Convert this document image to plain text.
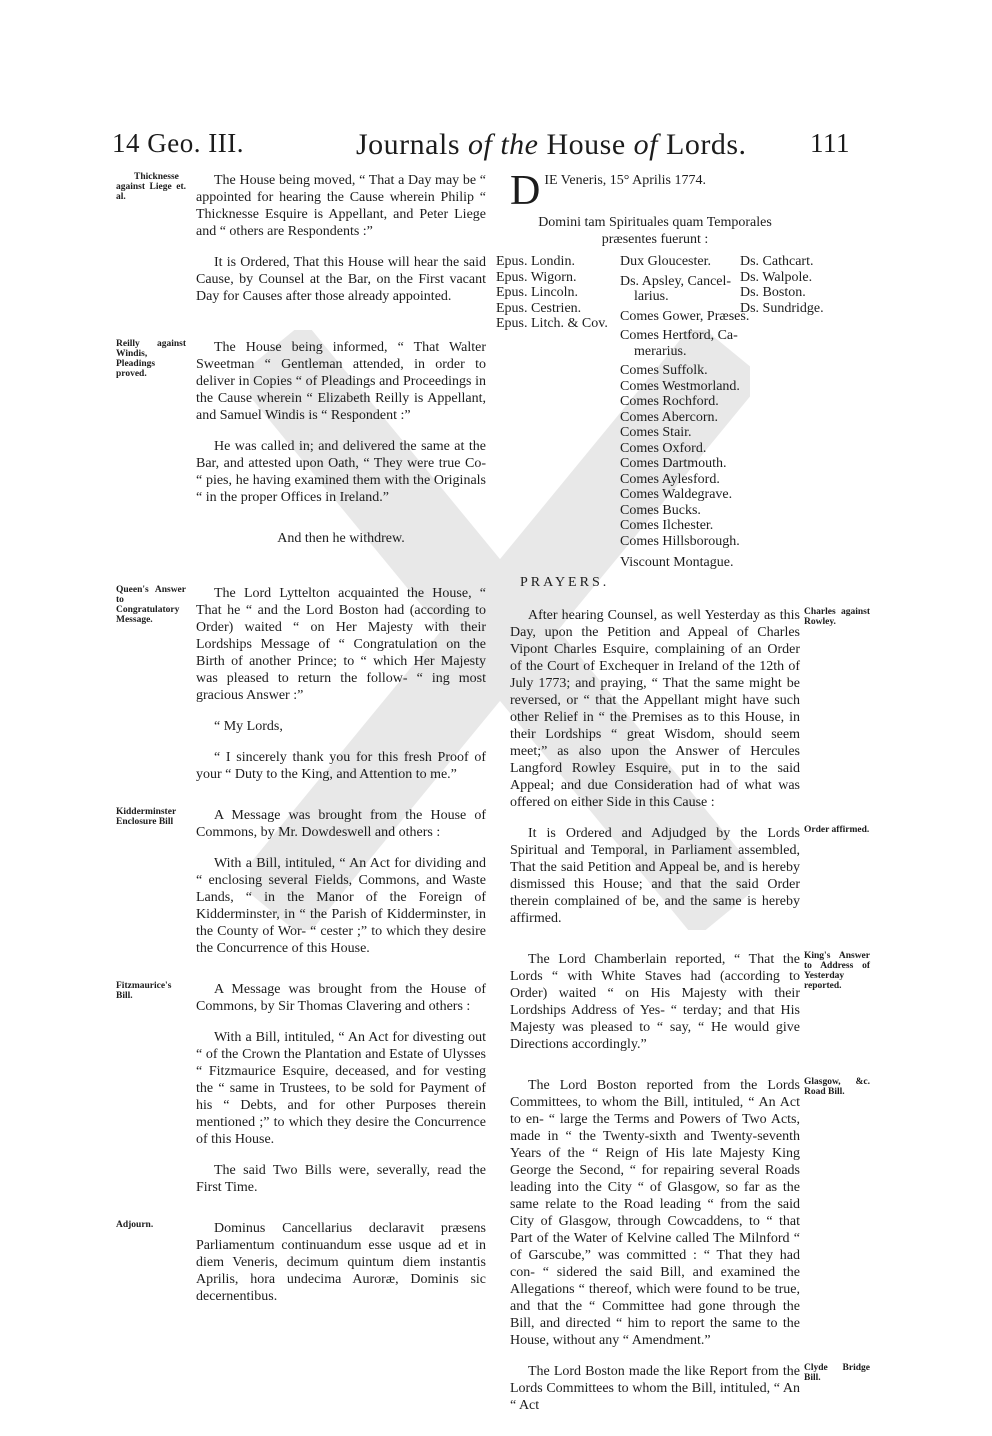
14 Geo. III.	Journals of the House of Lords. 111
Thicknesse against Liege et. al.

The House being moved, “ That a Day may be “ appointed for hearing the Cause wherein Philip “ Thicknesse Esquire is Appellant, and Peter Liege and “ others are Respondents :”

It is Ordered, That this House will hear the said Cause, by Counsel at the Bar, on the First vacant Day for Causes after those already appointed.

Reilly against Windis, Pleadings proved.

The House being informed, “ That Walter Sweetman “ Gentleman attended, in order to deliver in Copies “ of Pleadings and Proceedings in the Cause wherein “ Elizabeth Reilly is Appellant, and Samuel Windis is “ Respondent :”

He was called in; and delivered the same at the Bar, and attested upon Oath, “ They were true Co- “ pies, he having examined them with the Originals “ in the proper Offices in Ireland.”

And then he withdrew.

Queen's Answer to Congratulatory Message.

The Lord Lyttelton acquainted the House, “ That he “ and the Lord Boston had (according to Order) waited “ on Her Majesty with their Lordships Message of “ Congratulation on the Birth of another Prince; to “ which Her Majesty was pleased to return the follow- “ ing most gracious Answer :”

“ My Lords,

“ I sincerely thank you for this fresh Proof of your “ Duty to the King, and Attention to me.”

Kidderminster Enclosure Bill	A Message was brought from the House of Commons, by Mr. Dowdeswell and others :

With a Bill, intituled, “ An Act for dividing and “ enclosing several Fields, Commons, and Waste Lands, “ in the Manor of the Foreign of Kidderminster, in “ the Parish of Kidderminster, in the County of Wor- “ cester ;” to which they desire the Concurrence of this House.

Fitzmaurice's Bill.	A Message was brought from the House of Commons, by Sir Thomas Clavering and others :

With a Bill, intituled, “ An Act for divesting out “ of the Crown the Plantation and Estate of Ulysses “ Fitzmaurice Esquire, deceased, and for vesting the “ same in Trustees, to be sold for Payment of his “ Debts, and for other Purposes therein mentioned ;” to which they desire the Concurrence of this House.

The said Two Bills were, severally, read the First Time.

Adjourn.	Dominus Cancellarius declaravit præsens Parliamentum continuandum esse usque ad et in diem Veneris, decimum quintum diem instantis Aprilis, hora undecima Auroræ, Dominis sic decernentibus.

D IE Veneris, 15° Aprilis 1774.

Domini tam Spirituales quam Temporales præsentes fuerunt :

Epus. Londin.
Epus. Wigorn.
Epus. Lincoln.
Epus. Cestrien.
Epus. Litch. & Cov.
Dux Gloucester.
Ds. Apsley, Cancel-
larius.
Comes Gower, Præses.
Comes Hertford, Ca-
merarius.
Comes Suffolk.
Comes Westmorland.
Comes Rochford.
Comes Abercorn.
Comes Stair.
Comes Oxford.
Comes Dartmouth.
Comes Aylesford.
Comes Waldegrave.
Comes Bucks.
Comes Ilchester.
Comes Hillsborough.
Viscount Montague.
Ds. Cathcart.
Ds. Walpole.
Ds. Boston.
Ds. Sundridge.

PRAYERS.

Charles against Rowley.

After hearing Counsel, as well Yesterday as this Day, upon the Petition and Appeal of Charles Vipont Charles Esquire, complaining of an Order of the Court of Exchequer in Ireland of the 12th of July 1773; and praying, “ That the same might be reversed, or “ that the Appellant might have such other Relief in “ the Premises as to this House, in their Lordships “ great Wisdom, should seem meet;” as also upon the Answer of Hercules Langford Rowley Esquire, put in to the said Appeal; and due Consideration had of what was offered on either Side in this Cause :

Order affirmed.

It is Ordered and Adjudged by the Lords Spiritual and Temporal, in Parliament assembled, That the said Petition and Appeal be, and is hereby dismissed this House; and that the said Order therein complained of be, and the same is hereby affirmed.

King's Answer to Address of Yesterday reported.

The Lord Chamberlain reported, “ That the Lords “ with White Staves had (according to Order) waited “ on His Majesty with their Lordships Address of Yes- “ terday; and that His Majesty was pleased to “ say, “ He would give Directions accordingly.”

Glasgow, &c. Road Bill.

The Lord Boston reported from the Lords Committees, to whom the Bill, intituled, “ An Act to en- “ large the Terms and Powers of Two Acts, made in “ the Twenty-sixth and Twenty-seventh Years of the “ Reign of His late Majesty King George the Second, “ for repairing several Roads leading into the City “ of Glasgow, so far as the same relate to the Road leading “ from the said City of Glasgow, through Cowcaddens, to “ that Part of the Water of Kelvine called The Milnford “ of Garscube,” was committed : “ That they had con- “ sidered the said Bill, and examined the Allegations “ thereof, which were found to be true, and that the “ Committee had gone through the Bill, and directed “ him to report the same to the House, without any “ Amendment.”

Clyde Bridge Bill.

The Lord Boston made the like Report from the Lords Committees to whom the Bill, intituled, “ An “ Act
